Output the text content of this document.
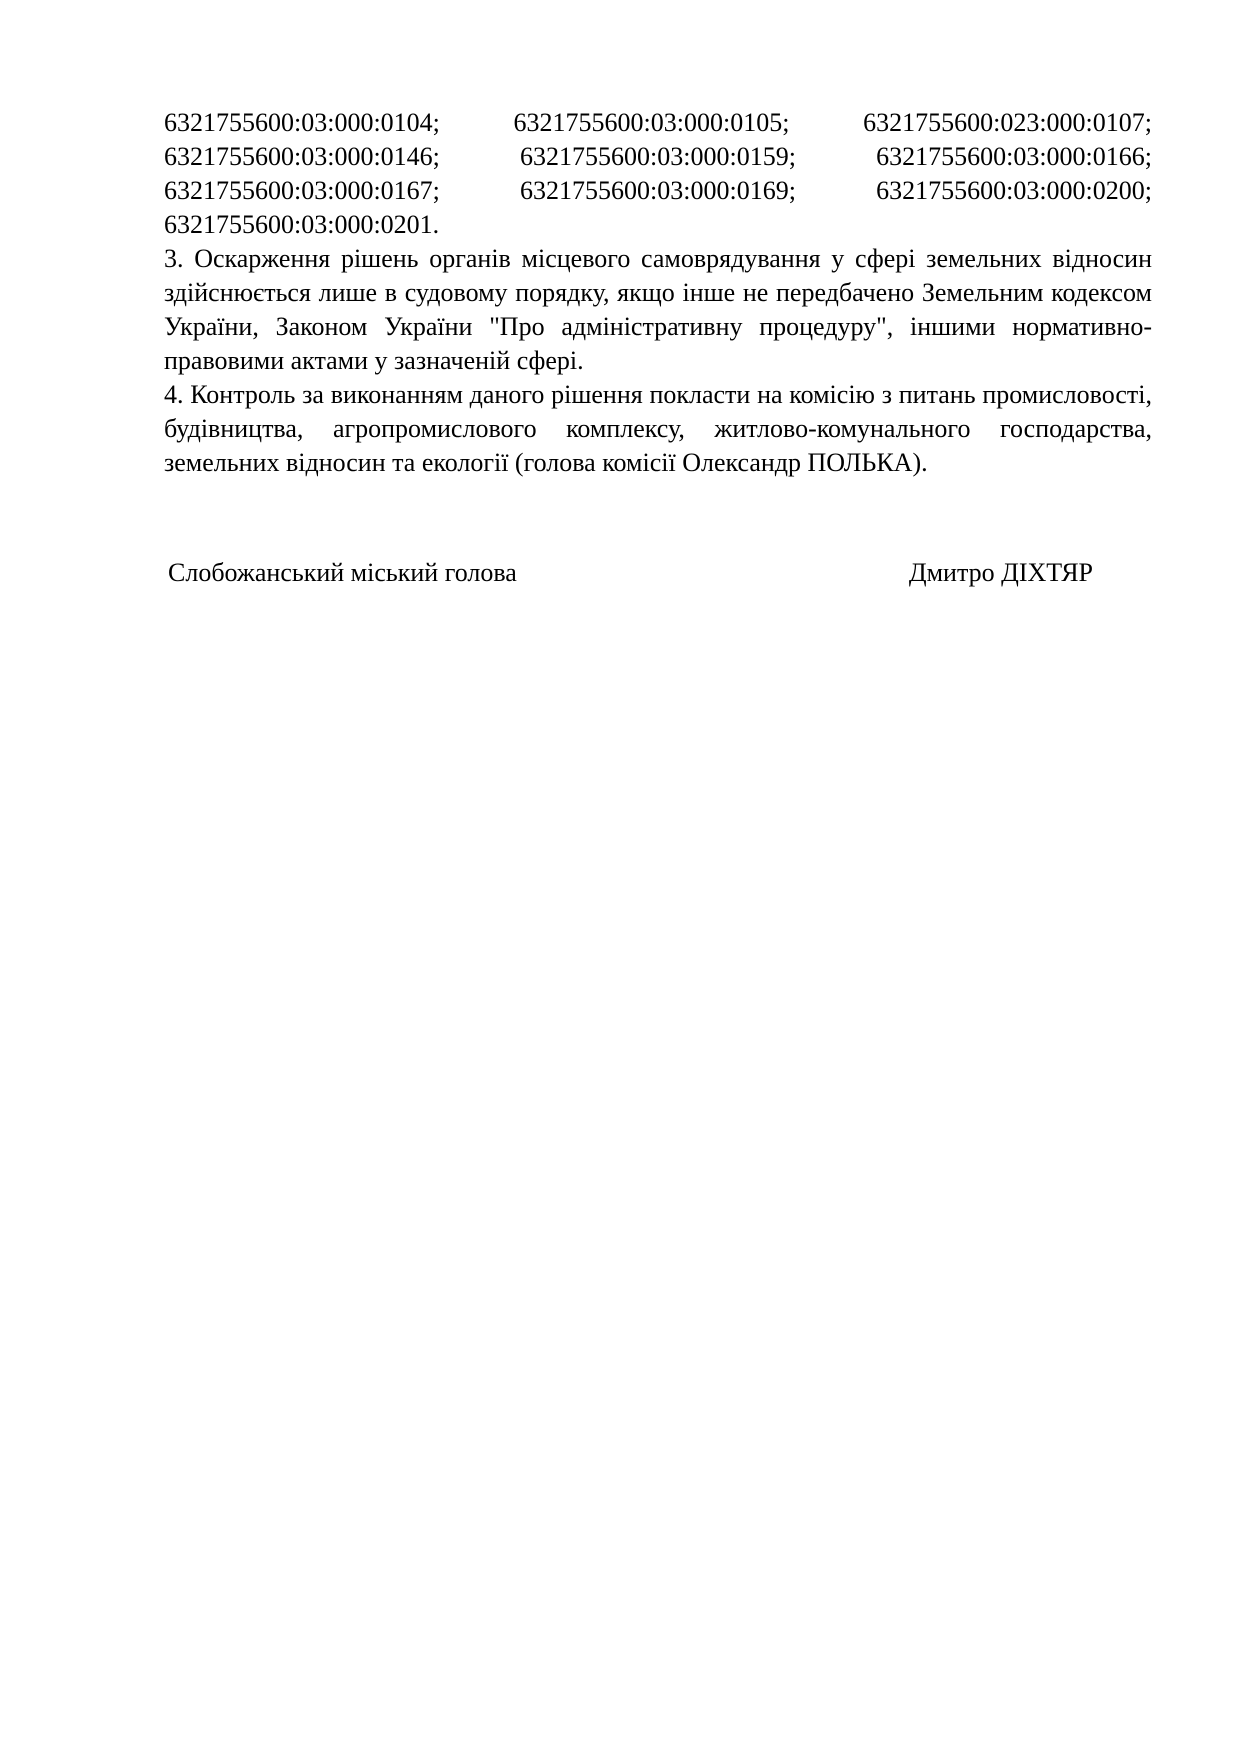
6321755600:03:000:0104;	6321755600:03:000:0105;	6321755600:023:000:0107;
6321755600:03:000:0146;	6321755600:03:000:0159;	6321755600:03:000:0166;
6321755600:03:000:0167;	6321755600:03:000:0169;	6321755600:03:000:0200;
6321755600:03:000:0201.
3. Оскарження рішень органів місцевого самоврядування у сфері земельних відносин
здійснюється лише в судовому порядку, якщо інше не передбачено Земельним кодексом
України, Законом України "Про адміністративну процедуру", іншими нормативно-
правовими актами у зазначеній сфері.
4. Контроль за виконанням даного рішення покласти на комісію з питань промисловості,
будівництва, агропромислового комплексу, житлово-комунального господарства,
земельних відносин та екології (голова комісії Олександр ПОЛЬКА).
Слобожанський міський голова	Дмитро ДІХТЯР
